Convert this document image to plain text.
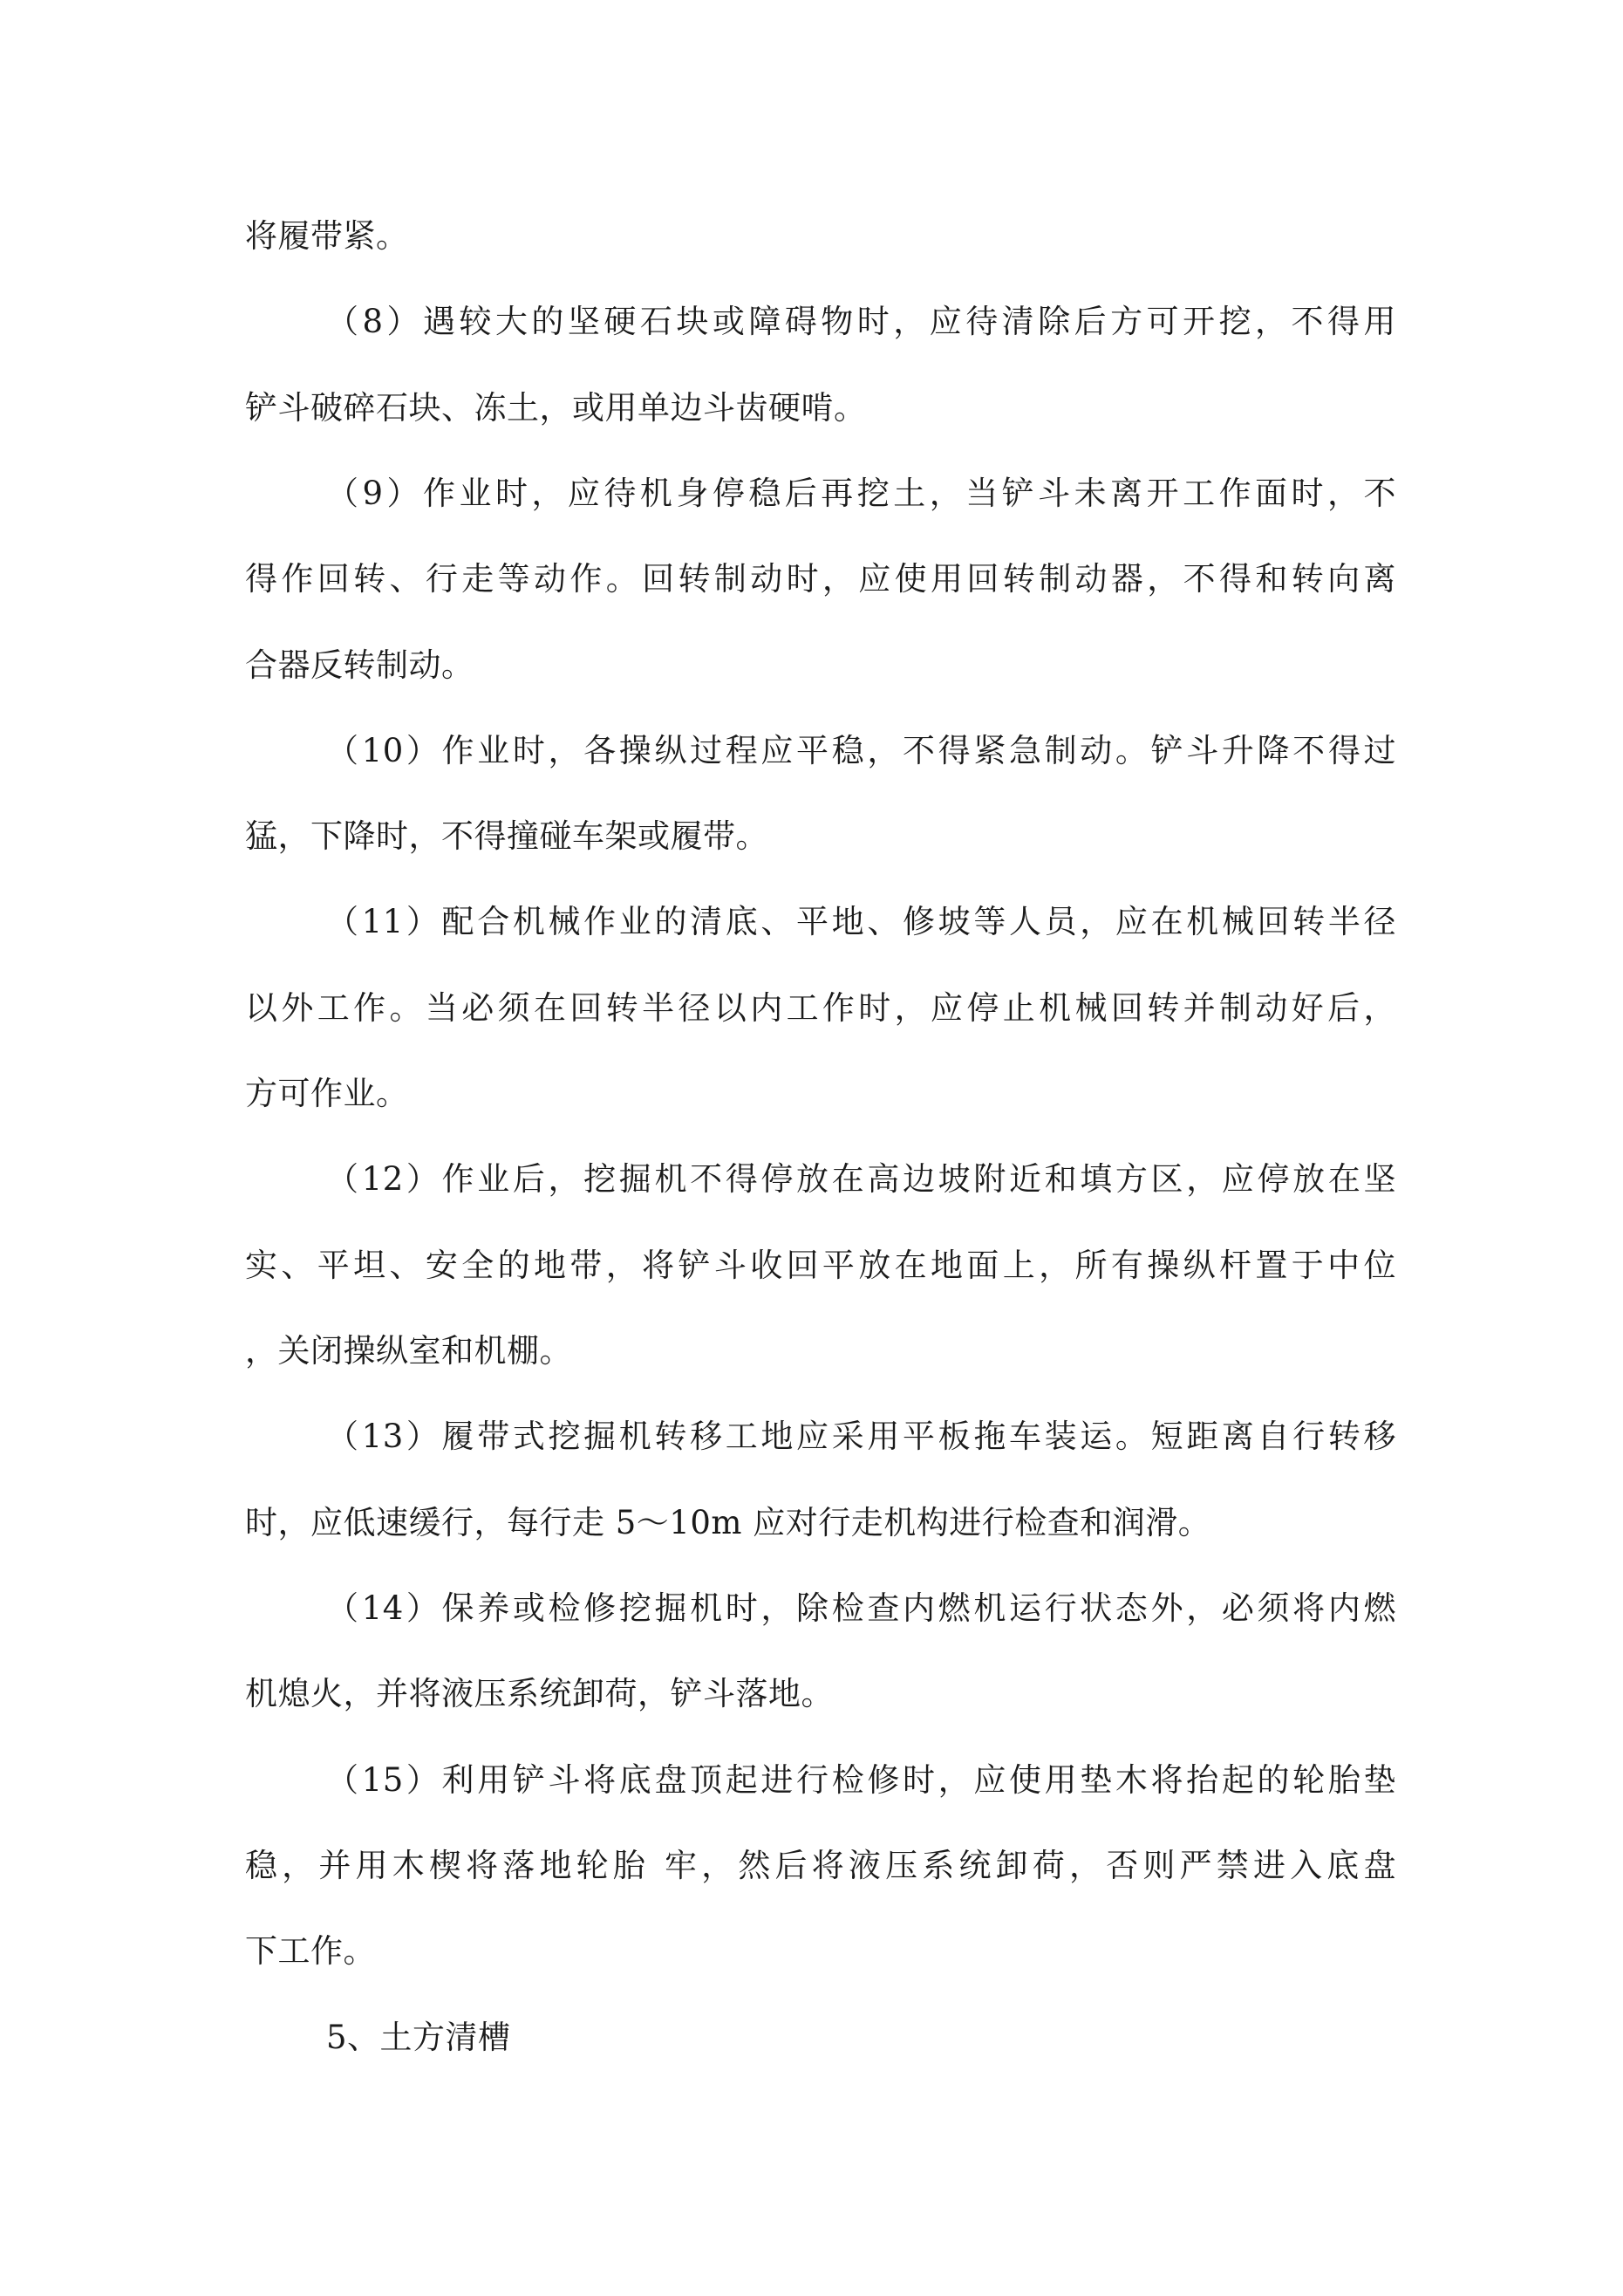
将履带紧。
（8）遇较大的坚硬石块或障碍物时，应待清除后方可开挖，不得用
铲斗破碎石块、冻土，或用单边斗齿硬啃。
（9）作业时，应待机身停稳后再挖土，当铲斗未离开工作面时，不
得作回转、行走等动作。回转制动时，应使用回转制动器，不得和转向离
合器反转制动。
（10）作业时，各操纵过程应平稳，不得紧急制动。铲斗升降不得过
猛，下降时，不得撞碰车架或履带。
（11）配合机械作业的清底、平地、修坡等人员，应在机械回转半径
以外工作。当必须在回转半径以内工作时，应停止机械回转并制动好后，
方可作业。
（12）作业后，挖掘机不得停放在高边坡附近和填方区，应停放在坚
实、平坦、安全的地带，将铲斗收回平放在地面上，所有操纵杆置于中位
，关闭操纵室和机棚。
（13）履带式挖掘机转移工地应采用平板拖车装运。短距离自行转移
时，应低速缓行，每行走 5～10m 应对行走机构进行检查和润滑。
（14）保养或检修挖掘机时，除检查内燃机运行状态外，必须将内燃
机熄火，并将液压系统卸荷，铲斗落地。
（15）利用铲斗将底盘顶起进行检修时，应使用垫木将抬起的轮胎垫
稳，并用木楔将落地轮胎 牢，然后将液压系统卸荷，否则严禁进入底盘
下工作。
5、土方清槽
